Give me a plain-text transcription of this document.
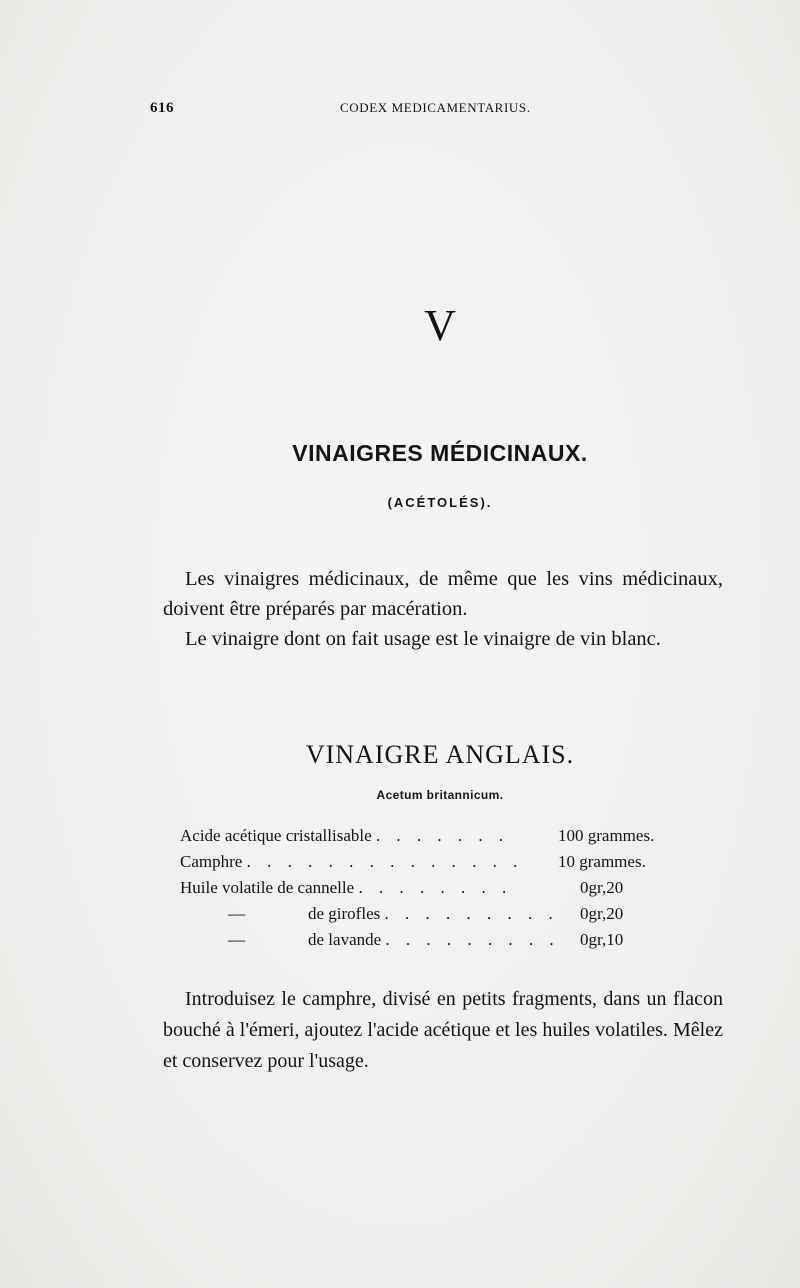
616	CODEX MEDICAMENTARIUS.
V
VINAIGRES MÉDICINAUX.
(ACÉTOLÉS).

Les vinaigres médicinaux, de même que les vins médicinaux, doivent être préparés par macération.

Le vinaigre dont on fait usage est le vinaigre de vin blanc.

VINAIGRE ANGLAIS.
Acetum britannicum.
Acide acétique cristallisable . . . . . . .	100 grammes.
Camphre . . . . . . . . . . . . . . 10 grammes.
Huile volatile de cannelle . . . . . . . .	0gr,20
—	de girofles . . . . . . . . . 0gr,20
—	de lavande . . . . . . . . . 0gr,10

Introduisez le camphre, divisé en petits fragments, dans un flacon bouché à l'émeri, ajoutez l'acide acétique et les huiles volatiles. Mêlez et conservez pour l'usage.
